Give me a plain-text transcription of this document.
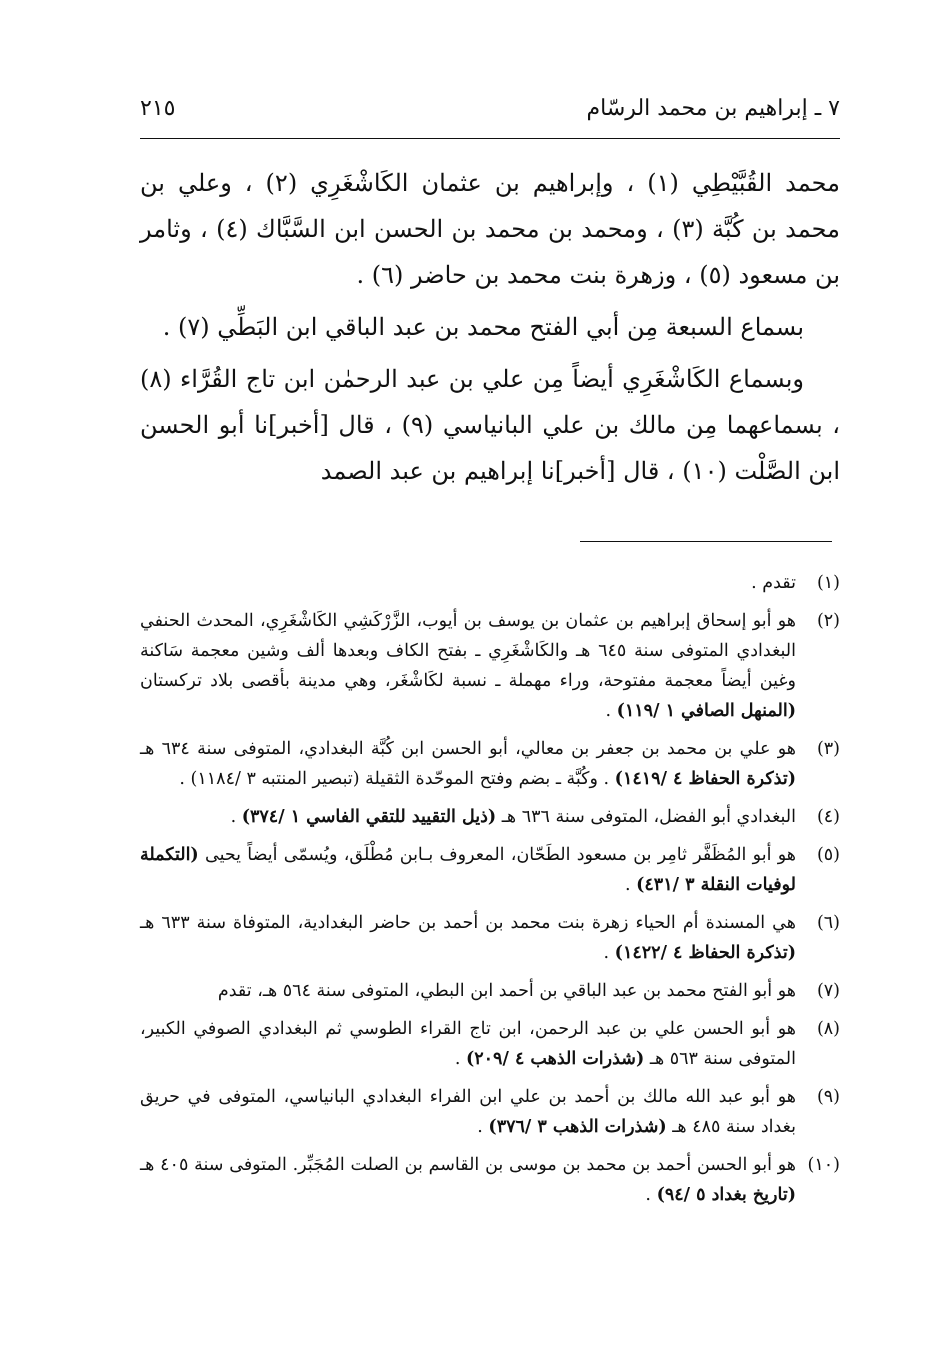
٧ ـ إبراهيم بن محمد الرسّام
٢١٥

محمد القُبَّيْطِي (١) ، وإبراهيم بن عثمان الكَاشْغَرِي (٢) ، وعلي بن محمد بن كُبَّة (٣) ، ومحمد بن محمد بن الحسن ابن السَّبَّاك (٤) ، وثامر بن مسعود (٥) ، وزهرة بنت محمد بن حاضر (٦) .

بسماع السبعة مِن أبي الفتح محمد بن عبد الباقي ابن البَطِّي (٧) .

وبسماع الكَاشْغَرِي أيضاً مِن علي بن عبد الرحمٰن ابن تاج القُرَّاء (٨) ، بسماعهما مِن مالك بن علي البانياسي (٩) ، قال [أخبر]نا أبو الحسن ابن الصَّلْت (١٠) ، قال [أخبر]نا إبراهيم بن عبد الصمد

(١)
تقدم .
(٢)
هو أبو إسحاق إبراهيم بن عثمان بن يوسف بن أيوب، الزَّرْكَشِي الكَاشْغَرِي، المحدث الحنفي البغدادي المتوفى سنة ٦٤٥ هـ والكَاشْغَرِي ـ بفتح الكاف وبعدها ألف وشين معجمة سَاكنة وغين أيضاً معجمة مفتوحة، وراء مهملة ـ نسبة لكَاشْغَر، وهي مدينة بأقصى بلاد تركستان (المنهل الصافي ١ /١١٩) .
(٣)
هو علي بن محمد بن جعفر بن معالي، أبو الحسن ابن كُبَّة البغدادي، المتوفى سنة ٦٣٤ هـ (تذكرة الحفاظ ٤ /١٤١٩) . وكُبَّة ـ بضم وفتح الموحّدة الثقيلة (تبصير المنتبه ٣ /١١٨٤) .
(٤)
البغدادي أبو الفضل، المتوفى سنة ٦٣٦ هـ (ذيل التقييد للتقي الفاسي ١ /٣٧٤) .
(٥)
هو أبو المُظَفَّر ثامِر بن مسعود الطَحّان، المعروف بـابن مُطْلَق، ويُسمّى أيضاً يحيى (التكملة لوفيات النقلة ٣ /٤٣١) .
(٦)
هي المسندة أم الحياء زهرة بنت محمد بن أحمد بن حاضر البغدادية، المتوفاة سنة ٦٣٣ هـ (تذكرة الحفاظ ٤ /١٤٢٢) .
(٧)
هو أبو الفتح محمد بن عبد الباقي بن أحمد ابن البطي، المتوفى سنة ٥٦٤ هـ، تقدم
(٨)
هو أبو الحسن علي بن عبد الرحمن، ابن تاج القراء الطوسي ثم البغدادي الصوفي الكبير، المتوفى سنة ٥٦٣ هـ (شذرات الذهب ٤ /٢٠٩) .
(٩)
هو أبو عبد الله مالك بن أحمد بن علي ابن الفراء البغدادي البانياسي، المتوفى في حريق بغداد سنة ٤٨٥ هـ (شذرات الذهب ٣ /٣٧٦) .
(١٠)
هو أبو الحسن أحمد بن محمد بن موسى بن القاسم بن الصلت المُجَبِّر. المتوفى سنة ٤٠٥ هـ (تاريخ بغداد ٥ /٩٤) .
